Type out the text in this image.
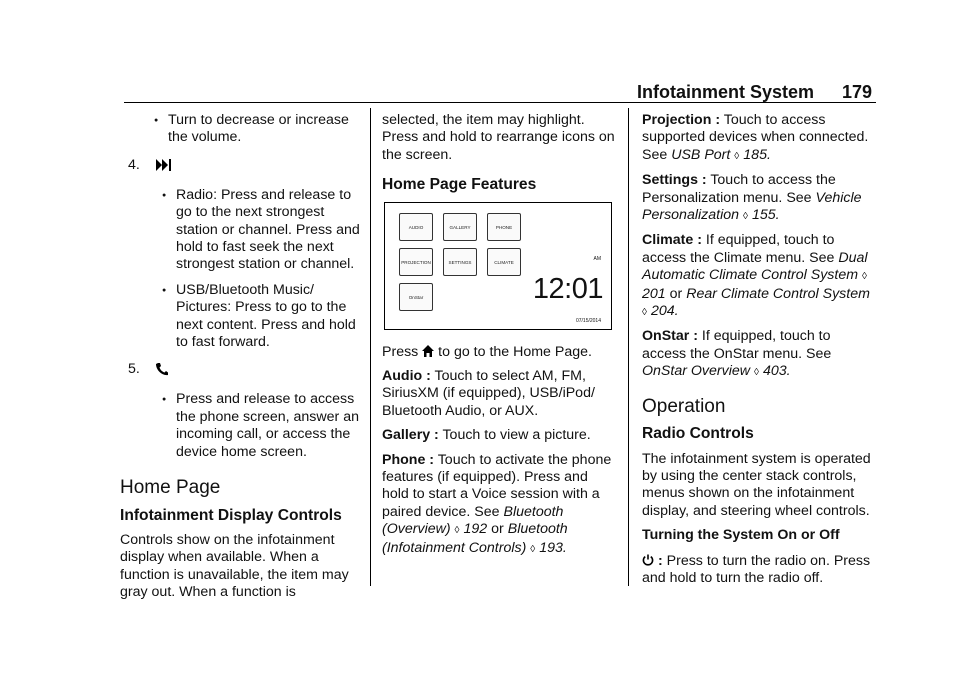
Infotainment System 179
● Turn to decrease or increase the volume.
4.
● Radio: Press and release to go to the next strongest station or channel. Press and hold to fast seek the next strongest station or channel.
● USB/Bluetooth Music/ Pictures: Press to go to the next content. Press and hold to fast forward.
5.
● Press and release to access the phone screen, answer an incoming call, or access the device home screen.
Home Page
Infotainment Display Controls

Controls show on the infotainment display when available. When a function is unavailable, the item may gray out. When a function is

selected, the item may highlight. Press and hold to rearrange icons on the screen.

Home Page Features
AUDIO	GALLERY	PHONE
PROJECTION	SETTINGS	CLIMATE
OnStar
AM
12:01
07/15/2014

Press to go to the Home Page.

Audio : Touch to select AM, FM, SiriusXM (if equipped), USB/iPod/ Bluetooth Audio, or AUX.

Gallery : Touch to view a picture.

Phone : Touch to activate the phone features (if equipped). Press and hold to start a Voice session with a paired device. See Bluetooth (Overview) ◊ 192 or Bluetooth (Infotainment Controls) ◊ 193.

Projection : Touch to access supported devices when connected. See USB Port ◊ 185.

Settings : Touch to access the Personalization menu. See Vehicle Personalization ◊ 155.

Climate : If equipped, touch to access the Climate menu. See Dual Automatic Climate Control System ◊201 or Rear Climate Control System ◊ 204.

OnStar : If equipped, touch to access the OnStar menu. See OnStar Overview ◊ 403.

Operation
Radio Controls

The infotainment system is operated by using the center stack controls, menus shown on the infotainment display, and steering wheel controls.

Turning the System On or Off

: Press to turn the radio on. Press and hold to turn the radio off.
